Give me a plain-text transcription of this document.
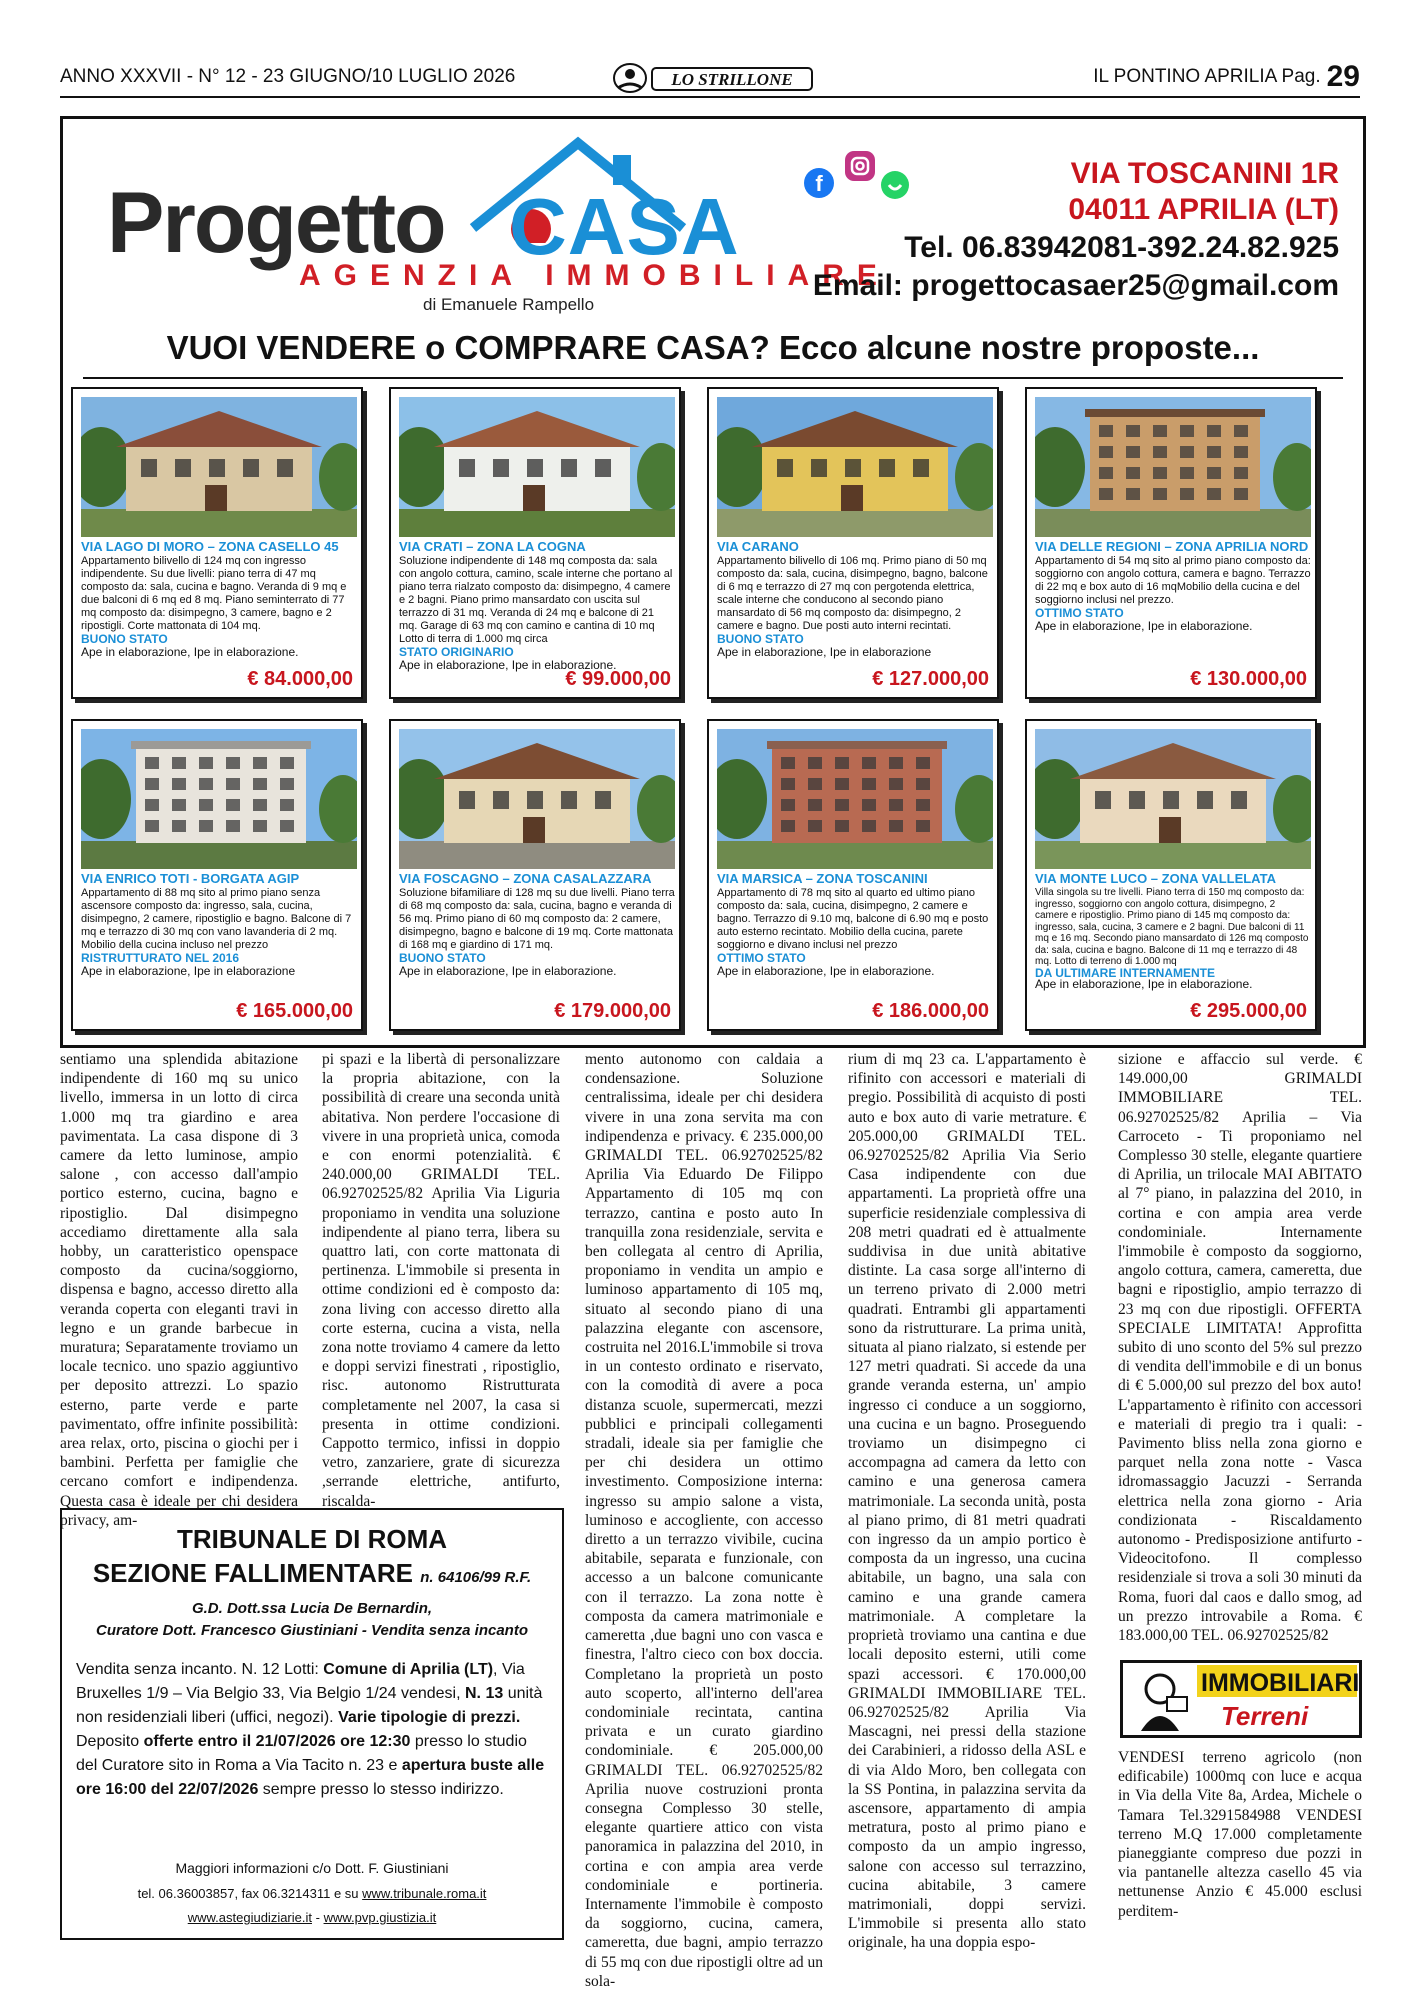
ANNO XXXVII - N° 12 - 23 GIUGNO/10 LUGLIO 2026	LO STRILLONE	IL PONTINO APRILIA Pag. 29
Progetto CASA
AGENZIA IMMOBILIARE
di Emanuele Rampello
f	VIA TOSCANINI 1R
04011 APRILIA (LT)
Tel. 06.83942081-392.24.82.925
Email: progettocasaer25@gmail.com
VUOI VENDERE o COMPRARE CASA? Ecco alcune nostre proposte...
VIA LAGO DI MORO – ZONA CASELLO 45
Appartamento bilivello di 124 mq con ingresso indipendente. Su due livelli: piano terra di 47 mq composto da: sala, cucina e bagno. Veranda di 9 mq e due balconi di 6 mq ed 8 mq. Piano seminterrato di 77 mq composto da: disimpegno, 3 camere, bagno e 2 ripostigli. Corte mattonata di 104 mq.
BUONO STATO
Ape in elaborazione, Ipe in elaborazione.
€ 84.000,00
VIA CRATI – ZONA LA COGNA
Soluzione indipendente di 148 mq composta da: sala con angolo cottura, camino, scale interne che portano al piano terra rialzato composto da: disimpegno, 4 camere e 2 bagni. Piano primo mansardato con uscita sul terrazzo di 31 mq. Veranda di 24 mq e balcone di 21 mq. Garage di 63 mq con camino e cantina di 10 mq Lotto di terra di 1.000 mq circa
STATO ORIGINARIO
Ape in elaborazione, Ipe in elaborazione.
€ 99.000,00
VIA CARANO
Appartamento bilivello di 106 mq. Primo piano di 50 mq composto da: sala, cucina, disimpegno, bagno, balcone di 6 mq e terrazzo di 27 mq con pergotenda elettrica, scale interne che conducono al secondo piano mansardato di 56 mq composto da: disimpegno, 2 camere e bagno. Due posti auto interni recintati.
BUONO STATO
Ape in elaborazione, Ipe in elaborazione
€ 127.000,00
VIA DELLE REGIONI – ZONA APRILIA NORD
Appartamento di 54 mq sito al primo piano composto da: soggiorno con angolo cottura, camera e bagno. Terrazzo di 22 mq e box auto di 16 mqMobilio della cucina e del soggiorno inclusi nel prezzo.
OTTIMO STATO
Ape in elaborazione, Ipe in elaborazione.
€ 130.000,00
VIA ENRICO TOTI - BORGATA AGIP
Appartamento di 88 mq sito al primo piano senza ascensore composto da: ingresso, sala, cucina, disimpegno, 2 camere, ripostiglio e bagno. Balcone di 7 mq e terrazzo di 30 mq con vano lavanderia di 2 mq. Mobilio della cucina incluso nel prezzo
RISTRUTTURATO NEL 2016
Ape in elaborazione, Ipe in elaborazione
€ 165.000,00
VIA FOSCAGNO – ZONA CASALAZZARA
Soluzione bifamiliare di 128 mq su due livelli. Piano terra di 68 mq composto da: sala, cucina, bagno e veranda di 56 mq. Primo piano di 60 mq composto da: 2 camere, disimpegno, bagno e balcone di 19 mq. Corte mattonata di 168 mq e giardino di 171 mq.
BUONO STATO
Ape in elaborazione, Ipe in elaborazione.
€ 179.000,00
VIA MARSICA – ZONA TOSCANINI
Appartamento di 78 mq sito al quarto ed ultimo piano composto da: sala, cucina, disimpegno, 2 camere e bagno. Terrazzo di 9.10 mq, balcone di 6.90 mq e posto auto esterno recintato. Mobilio della cucina, parete soggiorno e divano inclusi nel prezzo
OTTIMO STATO
Ape in elaborazione, Ipe in elaborazione.
€ 186.000,00
VIA MONTE LUCO – ZONA VALLELATA
Villa singola su tre livelli. Piano terra di 150 mq composto da: ingresso, soggiorno con angolo cottura, disimpegno, 2 camere e ripostiglio. Primo piano di 145 mq composto da: ingresso, sala, cucina, 3 camere e 2 bagni. Due balconi di 11 mq e 16 mq. Secondo piano mansardato di 126 mq composto da: sala, cucina e bagno. Balcone di 11 mq e terrazzo di 48 mq. Lotto di terreno di 1.000 mq
DA ULTIMARE INTERNAMENTE
Ape in elaborazione, Ipe in elaborazione.
€ 295.000,00
sentiamo una splendida abitazione indipendente di 160 mq su unico livello, immersa in un lotto di circa 1.000 mq tra giardino e area pavimentata. La casa dispone di 3 camere da letto luminose, ampio salone , con accesso dall'ampio portico esterno, cucina, bagno e ripostiglio. Dal disimpegno accediamo direttamente alla sala hobby, un caratteristico openspace composto da cucina/soggiorno, dispensa e bagno, accesso diretto alla veranda coperta con eleganti travi in legno e un grande barbecue in muratura; Separatamente troviamo un locale tecnico. uno spazio aggiuntivo per deposito attrezzi. Lo spazio esterno, parte verde e parte pavimentato, offre infinite possibilità: area relax, orto, piscina o giochi per i bambini. Perfetta per famiglie che cercano comfort e indipendenza. Questa casa è ideale per chi desidera privacy, am-
pi spazi e la libertà di personalizzare la propria abitazione, con la possibilità di creare una seconda unità abitativa. Non perdere l'occasione di vivere in una proprietà unica, comoda e con enormi potenzialità. € 240.000,00 GRIMALDI TEL. 06.92702525/82 Aprilia Via Liguria proponiamo in vendita una soluzione indipendente al piano terra, libera su quattro lati, con corte mattonata di pertinenza. L'immobile si presenta in ottime condizioni ed è composto da: zona living con accesso diretto alla corte esterna, cucina a vista, nella zona notte troviamo 4 camere da letto e doppi servizi finestrati , ripostiglio, risc. autonomo Ristrutturata completamente nel 2007, la casa si presenta in ottime condizioni. Cappotto termico, infissi in doppio vetro, zanzariere, grate di sicurezza ,serrande elettriche, antifurto, riscalda-
mento autonomo con caldaia a condensazione. Soluzione centralissima, ideale per chi desidera vivere in una zona servita ma con indipendenza e privacy. € 235.000,00 GRIMALDI TEL. 06.92702525/82 Aprilia Via Eduardo De Filippo Appartamento di 105 mq con terrazzo, cantina e posto auto In tranquilla zona residenziale, servita e ben collegata al centro di Aprilia, proponiamo in vendita un ampio e luminoso appartamento di 105 mq, situato al secondo piano di una palazzina elegante con ascensore, costruita nel 2016.L'immobile si trova in un contesto ordinato e riservato, con la comodità di avere a poca distanza scuole, supermercati, mezzi pubblici e principali collegamenti stradali, ideale sia per famiglie che per chi desidera un ottimo investimento. Composizione interna: ingresso su ampio salone a vista, luminoso e accogliente, con accesso diretto a un terrazzo vivibile, cucina abitabile, separata e funzionale, con accesso a un balcone comunicante con il terrazzo. La zona notte è composta da camera matrimoniale e cameretta ,due bagni uno con vasca e finestra, l'altro cieco con box doccia. Completano la proprietà un posto auto scoperto, all'interno dell'area condominiale recintata, cantina privata e un curato giardino condominiale. € 205.000,00 GRIMALDI TEL. 06.92702525/82 Aprilia nuove costruzioni pronta consegna Complesso 30 stelle, elegante quartiere attico con vista panoramica in palazzina del 2010, in cortina e con ampia area verde condominiale e portineria. Internamente l'immobile è composto da soggiorno, cucina, camera, cameretta, due bagni, ampio terrazzo di 55 mq con due ripostigli oltre ad un sola-
rium di mq 23 ca. L'appartamento è rifinito con accessori e materiali di pregio. Possibilità di acquisto di posti auto e box auto di varie metrature. € 205.000,00 GRIMALDI TEL. 06.92702525/82 Aprilia Via Serio Casa indipendente con due appartamenti. La proprietà offre una superficie residenziale complessiva di 208 metri quadrati ed è attualmente suddivisa in due unità abitative distinte. La casa sorge all'interno di un terreno privato di 2.000 metri quadrati. Entrambi gli appartamenti sono da ristrutturare. La prima unità, situata al piano rialzato, si estende per 127 metri quadrati. Si accede da una grande veranda esterna, un' ampio ingresso ci conduce a un soggiorno, una cucina e un bagno. Proseguendo troviamo un disimpegno ci accompagna ad camera da letto con camino e una generosa camera matrimoniale. La seconda unità, posta al piano primo, di 81 metri quadrati con ingresso da un ampio portico è composta da un ingresso, una cucina abitabile, un bagno, una sala con camino e una grande camera matrimoniale. A completare la proprietà troviamo una cantina e due locali deposito esterni, utili come spazi accessori. € 170.000,00 GRIMALDI IMMOBILIARE TEL. 06.92702525/82 Aprilia Via Mascagni, nei pressi della stazione dei Carabinieri, a ridosso della ASL e di via Aldo Moro, ben collegata con la SS Pontina, in palazzina servita da ascensore, appartamento di ampia metratura, posto al primo piano e composto da un ampio ingresso, salone con accesso sul terrazzino, cucina abitabile, 3 camere matrimoniali, doppi servizi. L'immobile si presenta allo stato originale, ha una doppia espo-
sizione e affaccio sul verde. € 149.000,00 GRIMALDI IMMOBILIARE TEL. 06.92702525/82 Aprilia – Via Carroceto - Ti proponiamo nel Complesso 30 stelle, elegante quartiere di Aprilia, un trilocale MAI ABITATO al 7° piano, in palazzina del 2010, in cortina e con ampia area verde condominiale. Internamente l'immobile è composto da soggiorno, angolo cottura, camera, cameretta, due bagni e ripostiglio, ampio terrazzo di 23 mq con due ripostigli. OFFERTA SPECIALE LIMITATA! Approfitta subito di uno sconto del 5% sul prezzo di vendita dell'immobile e di un bonus di € 5.000,00 sul prezzo del box auto! L'appartamento è rifinito con accessori e materiali di pregio tra i quali: - Pavimento bliss nella zona giorno e parquet nella zona notte - Vasca idromassaggio Jacuzzi - Serranda elettrica nella zona giorno - Aria condizionata - Riscaldamento autonomo - Predisposizione antifurto - Videocitofono. Il complesso residenziale si trova a soli 30 minuti da Roma, fuori dal caos e dallo smog, ad un prezzo introvabile a Roma. € 183.000,00 TEL. 06.92702525/82
IMMOBILIARI
Terreni
VENDESI terreno agricolo (non edificabile) 1000mq con luce e acqua in Via della Vite 8a, Ardea, Michele o Tamara Tel.3291584988 VENDESI terreno M.Q 17.000 completamente pianeggiante compreso due pozzi in via pantanelle altezza casello 45 via nettunense Anzio € 45.000 esclusi perditem-
TRIBUNALE DI ROMA
SEZIONE FALLIMENTARE n. 64106/99 R.F.
G.D. Dott.ssa Lucia De Bernardin,
Curatore Dott. Francesco Giustiniani - Vendita senza incanto
Vendita senza incanto. N. 12 Lotti: Comune di Aprilia (LT), Via Bruxelles 1/9 – Via Belgio 33, Via Belgio 1/24 vendesi, N. 13 unità non residenziali liberi (uffici, negozi). Varie tipologie di prezzi. Deposito offerte entro il 21/07/2026 ore 12:30 presso lo studio del Curatore sito in Roma a Via Tacito n. 23 e apertura buste alle ore 16:00 del 22/07/2026 sempre presso lo stesso indirizzo.
Maggiori informazioni c/o Dott. F. Giustiniani
tel. 06.36003857, fax 06.3214311 e su www.tribunale.roma.it
www.astegiudiziarie.it - www.pvp.giustizia.it
